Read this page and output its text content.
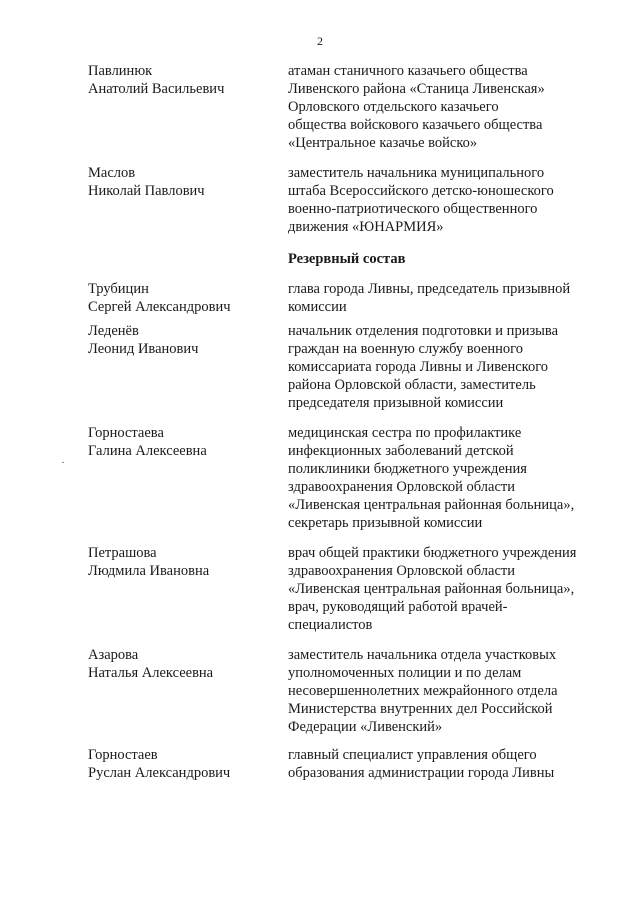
2
Павлинюк
Анатолий Васильевич
атаман станичного казачьего общества
Ливенского района «Станица Ливенская»
Орловского отдельского казачьего
общества войскового казачьего общества
«Центральное казачье войско»
Маслов
Николай Павлович
заместитель начальника муниципального
штаба Всероссийского детско-юношеского
военно-патриотического общественного
движения «ЮНАРМИЯ»
Резервный состав
Трубицин
Сергей Александрович
глава города Ливны, председатель призывной
комиссии
Леденёв
Леонид Иванович
начальник отделения подготовки и призыва
граждан на военную службу военного
комиссариата города Ливны и Ливенского
района Орловской области, заместитель
председателя призывной комиссии
Горностаева
Галина Алексеевна
медицинская сестра по профилактике
инфекционных заболеваний детской
поликлиники бюджетного учреждения
здравоохранения Орловской области
«Ливенская центральная районная больница»,
секретарь призывной комиссии
Петрашова
Людмила Ивановна
врач общей практики бюджетного учреждения
здравоохранения Орловской области
«Ливенская центральная районная больница»,
врач, руководящий работой врачей-
специалистов
Азарова
Наталья Алексеевна
заместитель начальника отдела участковых
уполномоченных полиции и по делам
несовершеннолетних межрайонного отдела
Министерства внутренних дел Российской
Федерации «Ливенский»
Горностаев
Руслан Александрович
главный специалист управления общего
образования администрации города Ливны
